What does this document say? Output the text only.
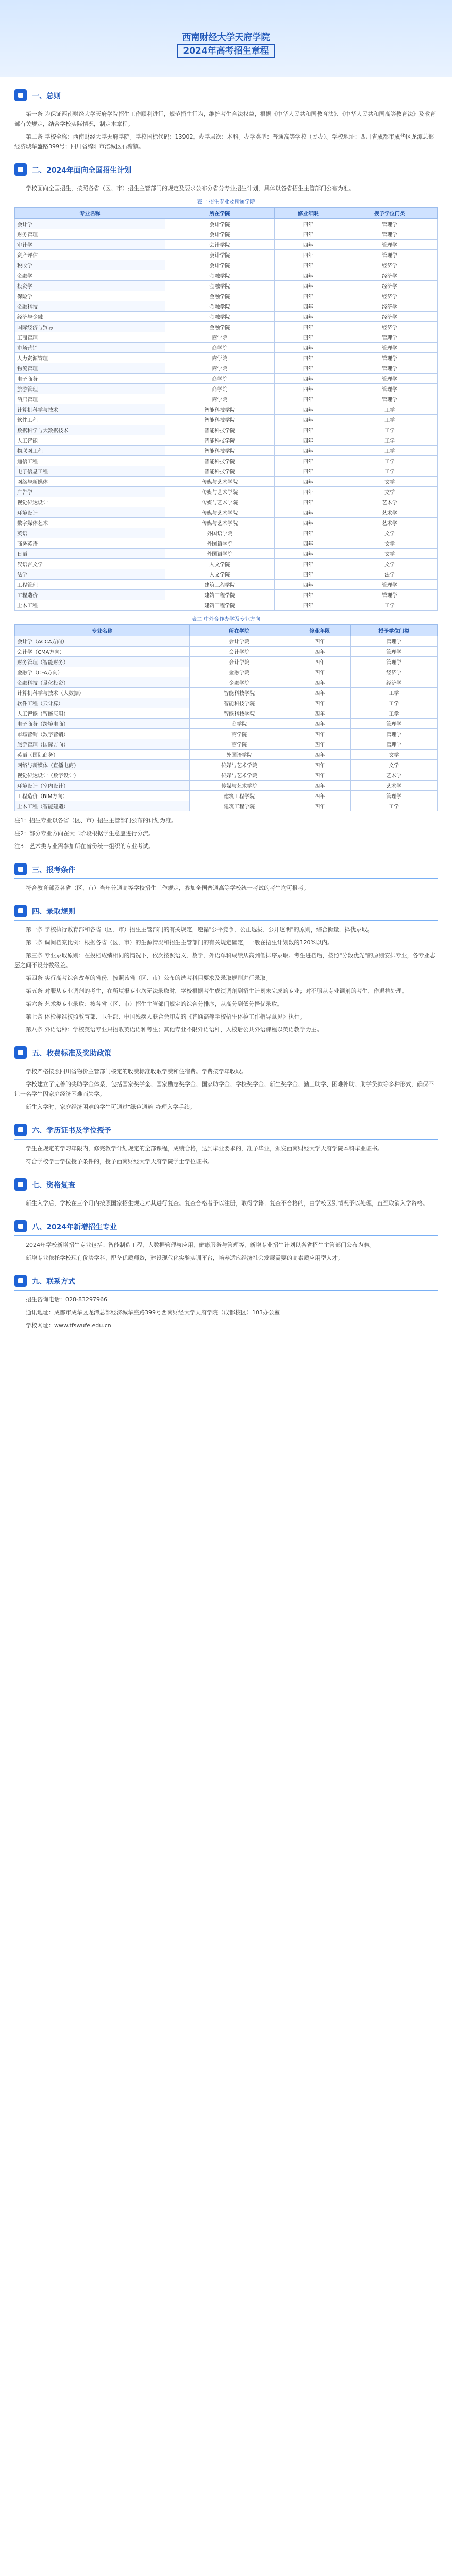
西南财经大学天府学院
2024年高考招生章程
一、总则

第一条 为保证西南财经大学天府学院招生工作顺利进行，规范招生行为，维护考生合法权益，根据《中华人民共和国教育法》、《中华人民共和国高等教育法》及教育部有关规定，结合学校实际情况，制定本章程。

第二条 学校全称：西南财经大学天府学院。学校国标代码：13902。办学层次：本科。办学类型：普通高等学校（民办）。学校地址：四川省成都市成华区龙潭总部经济城华盛路399号；四川省绵阳市涪城区石塘镇。

二、2024年面向全国招生计划

学校面向全国招生，按照各省（区、市）招生主管部门的规定及要求公布分省分专业招生计划，具体以各省招生主管部门公布为准。

表一 招生专业及所属学院
专业名称	所在学院	修业年限	授予学位门类
会计学	会计学院	四年	管理学
财务管理	会计学院	四年	管理学
审计学	会计学院	四年	管理学
资产评估	会计学院	四年	管理学
税收学	会计学院	四年	经济学
金融学	金融学院	四年	经济学
投资学	金融学院	四年	经济学
保险学	金融学院	四年	经济学
金融科技	金融学院	四年	经济学
经济与金融	金融学院	四年	经济学
国际经济与贸易	金融学院	四年	经济学
工商管理	商学院	四年	管理学
市场营销	商学院	四年	管理学
人力资源管理	商学院	四年	管理学
物流管理	商学院	四年	管理学
电子商务	商学院	四年	管理学
旅游管理	商学院	四年	管理学
酒店管理	商学院	四年	管理学
计算机科学与技术	智能科技学院	四年	工学
软件工程	智能科技学院	四年	工学
数据科学与大数据技术	智能科技学院	四年	工学
人工智能	智能科技学院	四年	工学
物联网工程	智能科技学院	四年	工学
通信工程	智能科技学院	四年	工学
电子信息工程	智能科技学院	四年	工学
网络与新媒体	传媒与艺术学院	四年	文学
广告学	传媒与艺术学院	四年	文学
视觉传达设计	传媒与艺术学院	四年	艺术学
环境设计	传媒与艺术学院	四年	艺术学
数字媒体艺术	传媒与艺术学院	四年	艺术学
英语	外国语学院	四年	文学
商务英语	外国语学院	四年	文学
日语	外国语学院	四年	文学
汉语言文学	人文学院	四年	文学
法学	人文学院	四年	法学
工程管理	建筑工程学院	四年	管理学
工程造价	建筑工程学院	四年	管理学
土木工程	建筑工程学院	四年	工学
表二 中外合作办学及专业方向
专业名称	所在学院	修业年限	授予学位门类
会计学（ACCA方向）	会计学院	四年	管理学
会计学（CMA方向）	会计学院	四年	管理学
财务管理（智能财务）	会计学院	四年	管理学
金融学（CFA方向）	金融学院	四年	经济学
金融科技（量化投资）	金融学院	四年	经济学
计算机科学与技术（大数据）	智能科技学院	四年	工学
软件工程（云计算）	智能科技学院	四年	工学
人工智能（智能应用）	智能科技学院	四年	工学
电子商务（跨境电商）	商学院	四年	管理学
市场营销（数字营销）	商学院	四年	管理学
旅游管理（国际方向）	商学院	四年	管理学
英语（国际商务）	外国语学院	四年	文学
网络与新媒体（直播电商）	传媒与艺术学院	四年	文学
视觉传达设计（数字设计）	传媒与艺术学院	四年	艺术学
环境设计（室内设计）	传媒与艺术学院	四年	艺术学
工程造价（BIM方向）	建筑工程学院	四年	管理学
土木工程（智能建造）	建筑工程学院	四年	工学

注1：招生专业以各省（区、市）招生主管部门公布的计划为准。

注2：部分专业方向在大二阶段根据学生意愿进行分流。

注3：艺术类专业需参加所在省份统一组织的专业考试。

三、报考条件

符合教育部及各省（区、市）当年普通高等学校招生工作规定，参加全国普通高等学校统一考试的考生均可报考。

四、录取规则

第一条 学校执行教育部和各省（区、市）招生主管部门的有关规定，遵循"公平竞争、公正选拔、公开透明"的原则，综合衡量，择优录取。

第二条 调阅档案比例：根据各省（区、市）的生源情况和招生主管部门的有关规定确定，一般在招生计划数的120%以内。

第三条 专业录取原则：在投档成绩相同的情况下，依次按照语文、数学、外语单科成绩从高到低排序录取。考生进档后，按照"分数优先"的原则安排专业，各专业志愿之间不设分数级差。

第四条 实行高考综合改革的省份，按照该省（区、市）公布的选考科目要求及录取规则进行录取。

第五条 对服从专业调剂的考生，在所填报专业均无法录取时，学校根据考生成绩调剂到招生计划未完成的专业；对不服从专业调剂的考生，作退档处理。

第六条 艺术类专业录取：按各省（区、市）招生主管部门规定的综合分排序，从高分到低分择优录取。

第七条 体检标准按照教育部、卫生部、中国残疾人联合会印发的《普通高等学校招生体检工作指导意见》执行。

第八条 外语语种：学校英语专业只招收英语语种考生；其他专业不限外语语种，入校后公共外语课程以英语教学为主。

五、收费标准及奖助政策

学校严格按照四川省物价主管部门核定的收费标准收取学费和住宿费。学费按学年收取。

学校建立了完善的奖助学金体系，包括国家奖学金、国家励志奖学金、国家助学金、学校奖学金、新生奖学金、勤工助学、困难补助、助学贷款等多种形式，确保不让一名学生因家庭经济困难而失学。

新生入学时，家庭经济困难的学生可通过"绿色通道"办理入学手续。

六、学历证书及学位授予

学生在规定的学习年限内，修完教学计划规定的全部课程，成绩合格，达到毕业要求的，准予毕业，颁发西南财经大学天府学院本科毕业证书。

符合学校学士学位授予条件的，授予西南财经大学天府学院学士学位证书。

七、资格复查

新生入学后，学校在三个月内按照国家招生规定对其进行复查。复查合格者予以注册，取得学籍；复查不合格的，由学校区别情况予以处理，直至取消入学资格。

八、2024年新增招生专业

2024年学校新增招生专业包括：智能制造工程、大数据管理与应用、健康服务与管理等，新增专业招生计划以各省招生主管部门公布为准。

新增专业依托学校现有优势学科，配备优质师资，建设现代化实验实训平台，培养适应经济社会发展需要的高素质应用型人才。

九、联系方式

招生咨询电话：028-83297966

通讯地址：成都市成华区龙潭总部经济城华盛路399号西南财经大学天府学院（成都校区）103办公室

学校网址：www.tfswufe.edu.cn
